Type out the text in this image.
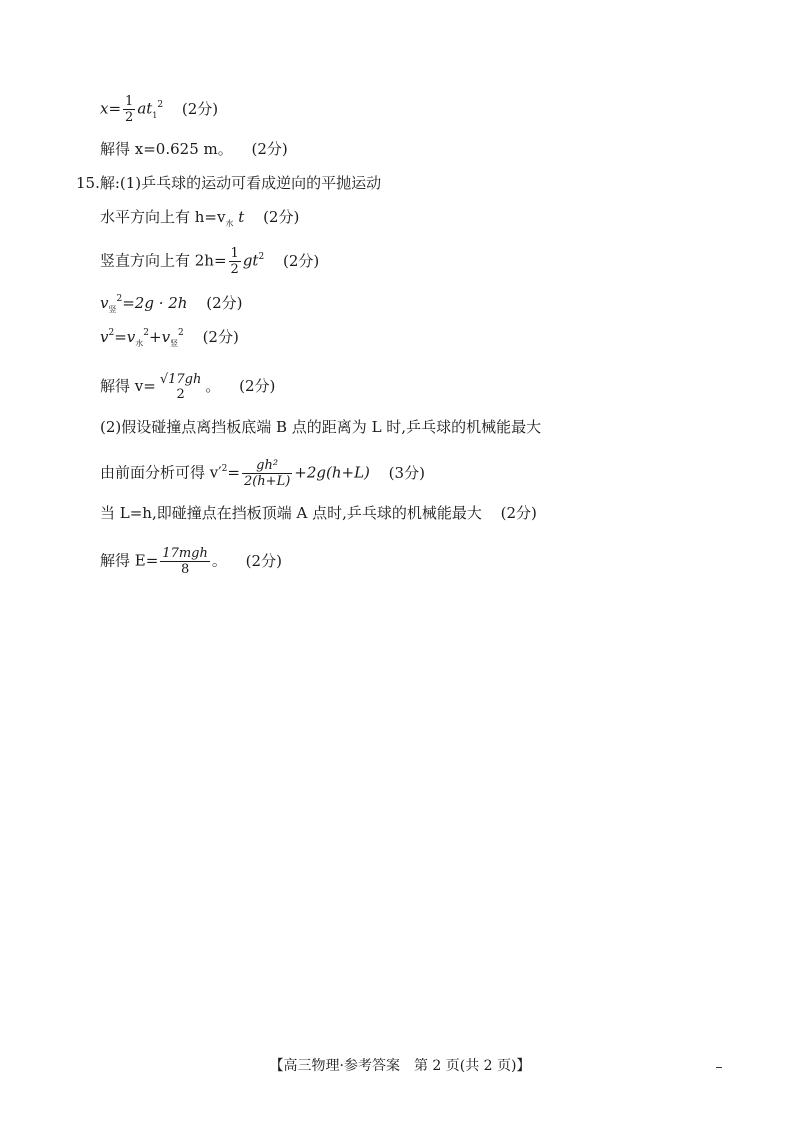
$x= \frac{1}{2} at_1^2$ (2分)
解得 x=0.625 m。 (2分)
15.解:(1)乒乓球的运动可看成逆向的平抛运动
水平方向上有 $h=v_水$ t (2分)
竖直方向上有 $2h= \frac{1}{2} gt^2$ (2分)
$v_竖^2=2g \cdot 2h$ (2分)
$v^2=v_水^2+v_竖^2$ (2分)
解得 v= √17gh
2	。 (2分)
(2)假设碰撞点离挡板底端 B 点的距离为 L 时,乒乓球的机械能最大
由前面分析可得 $v'^2= \frac{\text{gh²}}{2(h+L)} +2g(h+L)$ (3分)
当 L=h,即碰撞点在挡板顶端 A 点时,乒乓球的机械能最大 (2分)
解得 $E= \frac{\text{17mgh}}{8}$ 。 (2分)
【高三物理·参考答案　第 2 页(共 2 页)】
